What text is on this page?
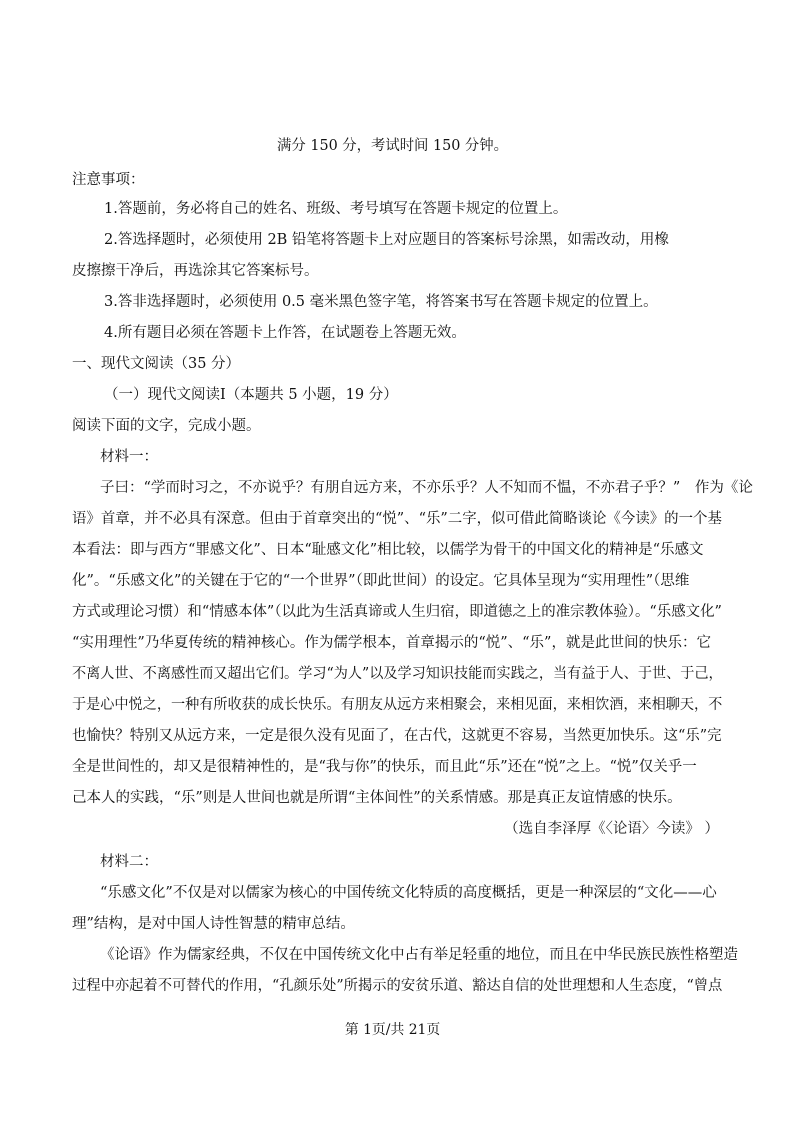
满分 150 分，考试时间 150 分钟。
注意事项：
1.答题前，务必将自己的姓名、班级、考号填写在答题卡规定的位置上。
2.答选择题时，必须使用 2B 铅笔将答题卡上对应题目的答案标号涂黑，如需改动，用橡
皮擦擦干净后，再选涂其它答案标号。
3.答非选择题时，必须使用 0.5 毫米黑色签字笔，将答案书写在答题卡规定的位置上。
4.所有题目必须在答题卡上作答，在试题卷上答题无效。
一、现代文阅读（35 分）
（一）现代文阅读Ⅰ（本题共 5 小题，19 分）
阅读下面的文字，完成小题。
材料一：
子曰：“学而时习之，不亦说乎？有朋自远方来，不亦乐乎？人不知而不愠，不亦君子乎？”　作为《论
语》首章，并不必具有深意。但由于首章突出的“悦”、“乐”二字，似可借此简略谈论《今读》的一个基
本看法：即与西方“罪感文化”、日本“耻感文化”相比较，以儒学为骨干的中国文化的精神是“乐感文
化”。“乐感文化”的关键在于它的“一个世界”（即此世间）的设定。它具体呈现为“实用理性”（思维
方式或理论习惯）和“情感本体”（以此为生活真谛或人生归宿，即道德之上的准宗教体验）。“乐感文化”
“实用理性”乃华夏传统的精神核心。作为儒学根本，首章揭示的“悦”、“乐”，就是此世间的快乐：它
不离人世、不离感性而又超出它们。学习“为人”以及学习知识技能而实践之，当有益于人、于世、于己，
于是心中悦之，一种有所收获的成长快乐。有朋友从远方来相聚会，来相见面，来相饮酒，来相聊天，不
也愉快？特别又从远方来，一定是很久没有见面了，在古代，这就更不容易，当然更加快乐。这“乐”完
全是世间性的，却又是很精神性的，是“我与你”的快乐，而且此“乐”还在“悦”之上。“悦”仅关乎一
己本人的实践，“乐”则是人世间也就是所谓“主体间性”的关系情感。那是真正友谊情感的快乐。
（选自李泽厚《〈论语〉今读》 ）
材料二：
“乐感文化”不仅是对以儒家为核心的中国传统文化特质的高度概括，更是一种深层的“文化——心
理”结构，是对中国人诗性智慧的精审总结。
《论语》作为儒家经典，不仅在中国传统文化中占有举足轻重的地位，而且在中华民族民族性格塑造
过程中亦起着不可替代的作用，“孔颜乐处”所揭示的安贫乐道、豁达自信的处世理想和人生态度，“曾点
第 1页/共 21页
